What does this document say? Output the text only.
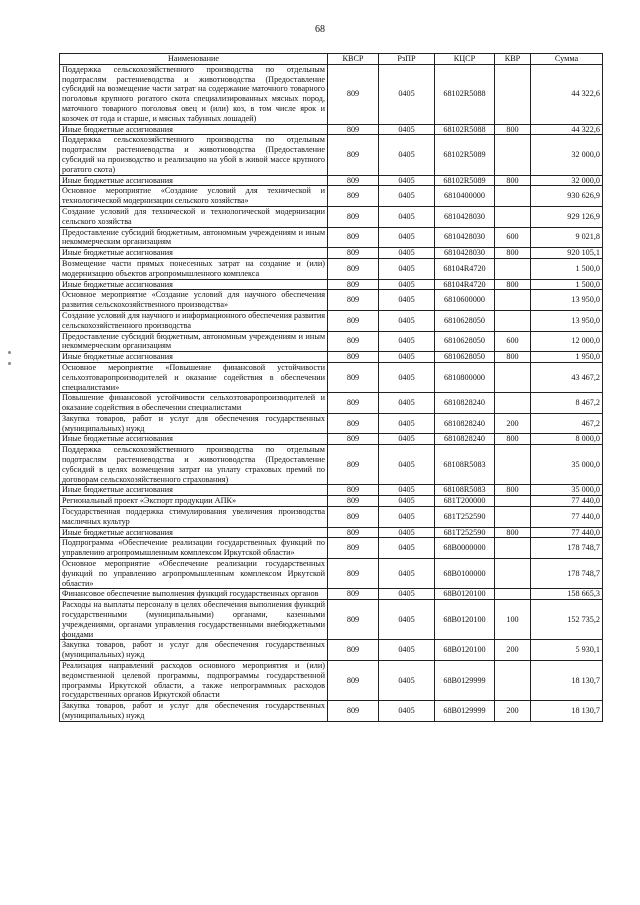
68
Наименование	КВСР	РзПР	КЦСР	КВР	Сумма
Поддержка сельскохозяйственного производства по отдельным подотраслям растениеводства и животноводства (Предоставление субсидий на возмещение части затрат на содержание маточного товарного поголовья крупного рогатого скота специализированных мясных пород, маточного товарного поголовья овец и (или) коз, в том числе ярок и козочек от года и старше, и мясных табунных лошадей)	809	0405	68102R5088		44 322,6
Иные бюджетные ассигнования	809	0405	68102R5088	800	44 322,6
Поддержка сельскохозяйственного производства по отдельным подотраслям растениеводства и животноводства (Предоставление субсидий на производство и реализацию на убой в живой массе крупного рогатого скота)	809	0405	68102R5089		32 000,0
Иные бюджетные ассигнования	809	0405	68102R5089	800	32 000,0
Основное мероприятие «Создание условий для технической и технологической модернизации сельского хозяйства»	809	0405	6810400000		930 626,9
Создание условий для технической и технологической модернизации сельского хозяйства	809	0405	6810428030		929 126,9
Предоставление субсидий бюджетным, автономным учреждениям и иным некоммерческим организациям	809	0405	6810428030	600	9 021,8
Иные бюджетные ассигнования	809	0405	6810428030	800	920 105,1
Возмещение части прямых понесенных затрат на создание и (или) модернизацию объектов агропромышленного комплекса	809	0405	68104R4720		1 500,0
Иные бюджетные ассигнования	809	0405	68104R4720	800	1 500,0
Основное мероприятие «Создание условий для научного обеспечения развития сельскохозяйственного производства»	809	0405	6810600000		13 950,0
Создание условий для научного и информационного обеспечения развития сельскохозяйственного производства	809	0405	6810628050		13 950,0
Предоставление субсидий бюджетным, автономным учреждениям и иным некоммерческим организациям	809	0405	6810628050	600	12 000,0
Иные бюджетные ассигнования	809	0405	6810628050	800	1 950,0
Основное мероприятие «Повышение финансовой устойчивости сельхозтоваропроизводителей и оказание содействия в обеспечении специалистами»	809	0405	6810800000		43 467,2
Повышение финансовой устойчивости сельхозтоваропроизводителей и оказание содействия в обеспечении специалистами	809	0405	6810828240		8 467,2
Закупка товаров, работ и услуг для обеспечения государственных (муниципальных) нужд	809	0405	6810828240	200	467,2
Иные бюджетные ассигнования	809	0405	6810828240	800	8 000,0
Поддержка сельскохозяйственного производства по отдельным подотраслям растениеводства и животноводства (Предоставление субсидий в целях возмещения затрат на уплату страховых премий по договорам сельскохозяйственного страхования)	809	0405	68108R5083		35 000,0
Иные бюджетные ассигнования	809	0405	68108R5083	800	35 000,0
Региональный проект «Экспорт продукции АПК»	809	0405	681T200000		77 440,0
Государственная поддержка стимулирования увеличения производства масличных культур	809	0405	681T252590		77 440,0
Иные бюджетные ассигнования	809	0405	681T252590	800	77 440,0
Подпрограмма «Обеспечение реализации государственных функций по управлению агропромышленным комплексом Иркутской области»	809	0405	68B0000000		178 748,7
Основное мероприятие «Обеспечение реализации государственных функций по управлению агропромышленным комплексом Иркутской области»	809	0405	68B0100000		178 748,7
Финансовое обеспечение выполнения функций государственных органов	809	0405	68B0120100		158 665,3
Расходы на выплаты персоналу в целях обеспечения выполнения функций государственными (муниципальными) органами, казенными учреждениями, органами управления государственными внебюджетными фондами	809	0405	68B0120100	100	152 735,2
Закупка товаров, работ и услуг для обеспечения государственных (муниципальных) нужд	809	0405	68B0120100	200	5 930,1
Реализация направлений расходов основного мероприятия и (или) ведомственной целевой программы, подпрограммы государственной программы Иркутской области, а также непрограммных расходов государственных органов Иркутской области	809	0405	68B0129999		18 130,7
Закупка товаров, работ и услуг для обеспечения государственных (муниципальных) нужд	809	0405	68B0129999	200	18 130,7
